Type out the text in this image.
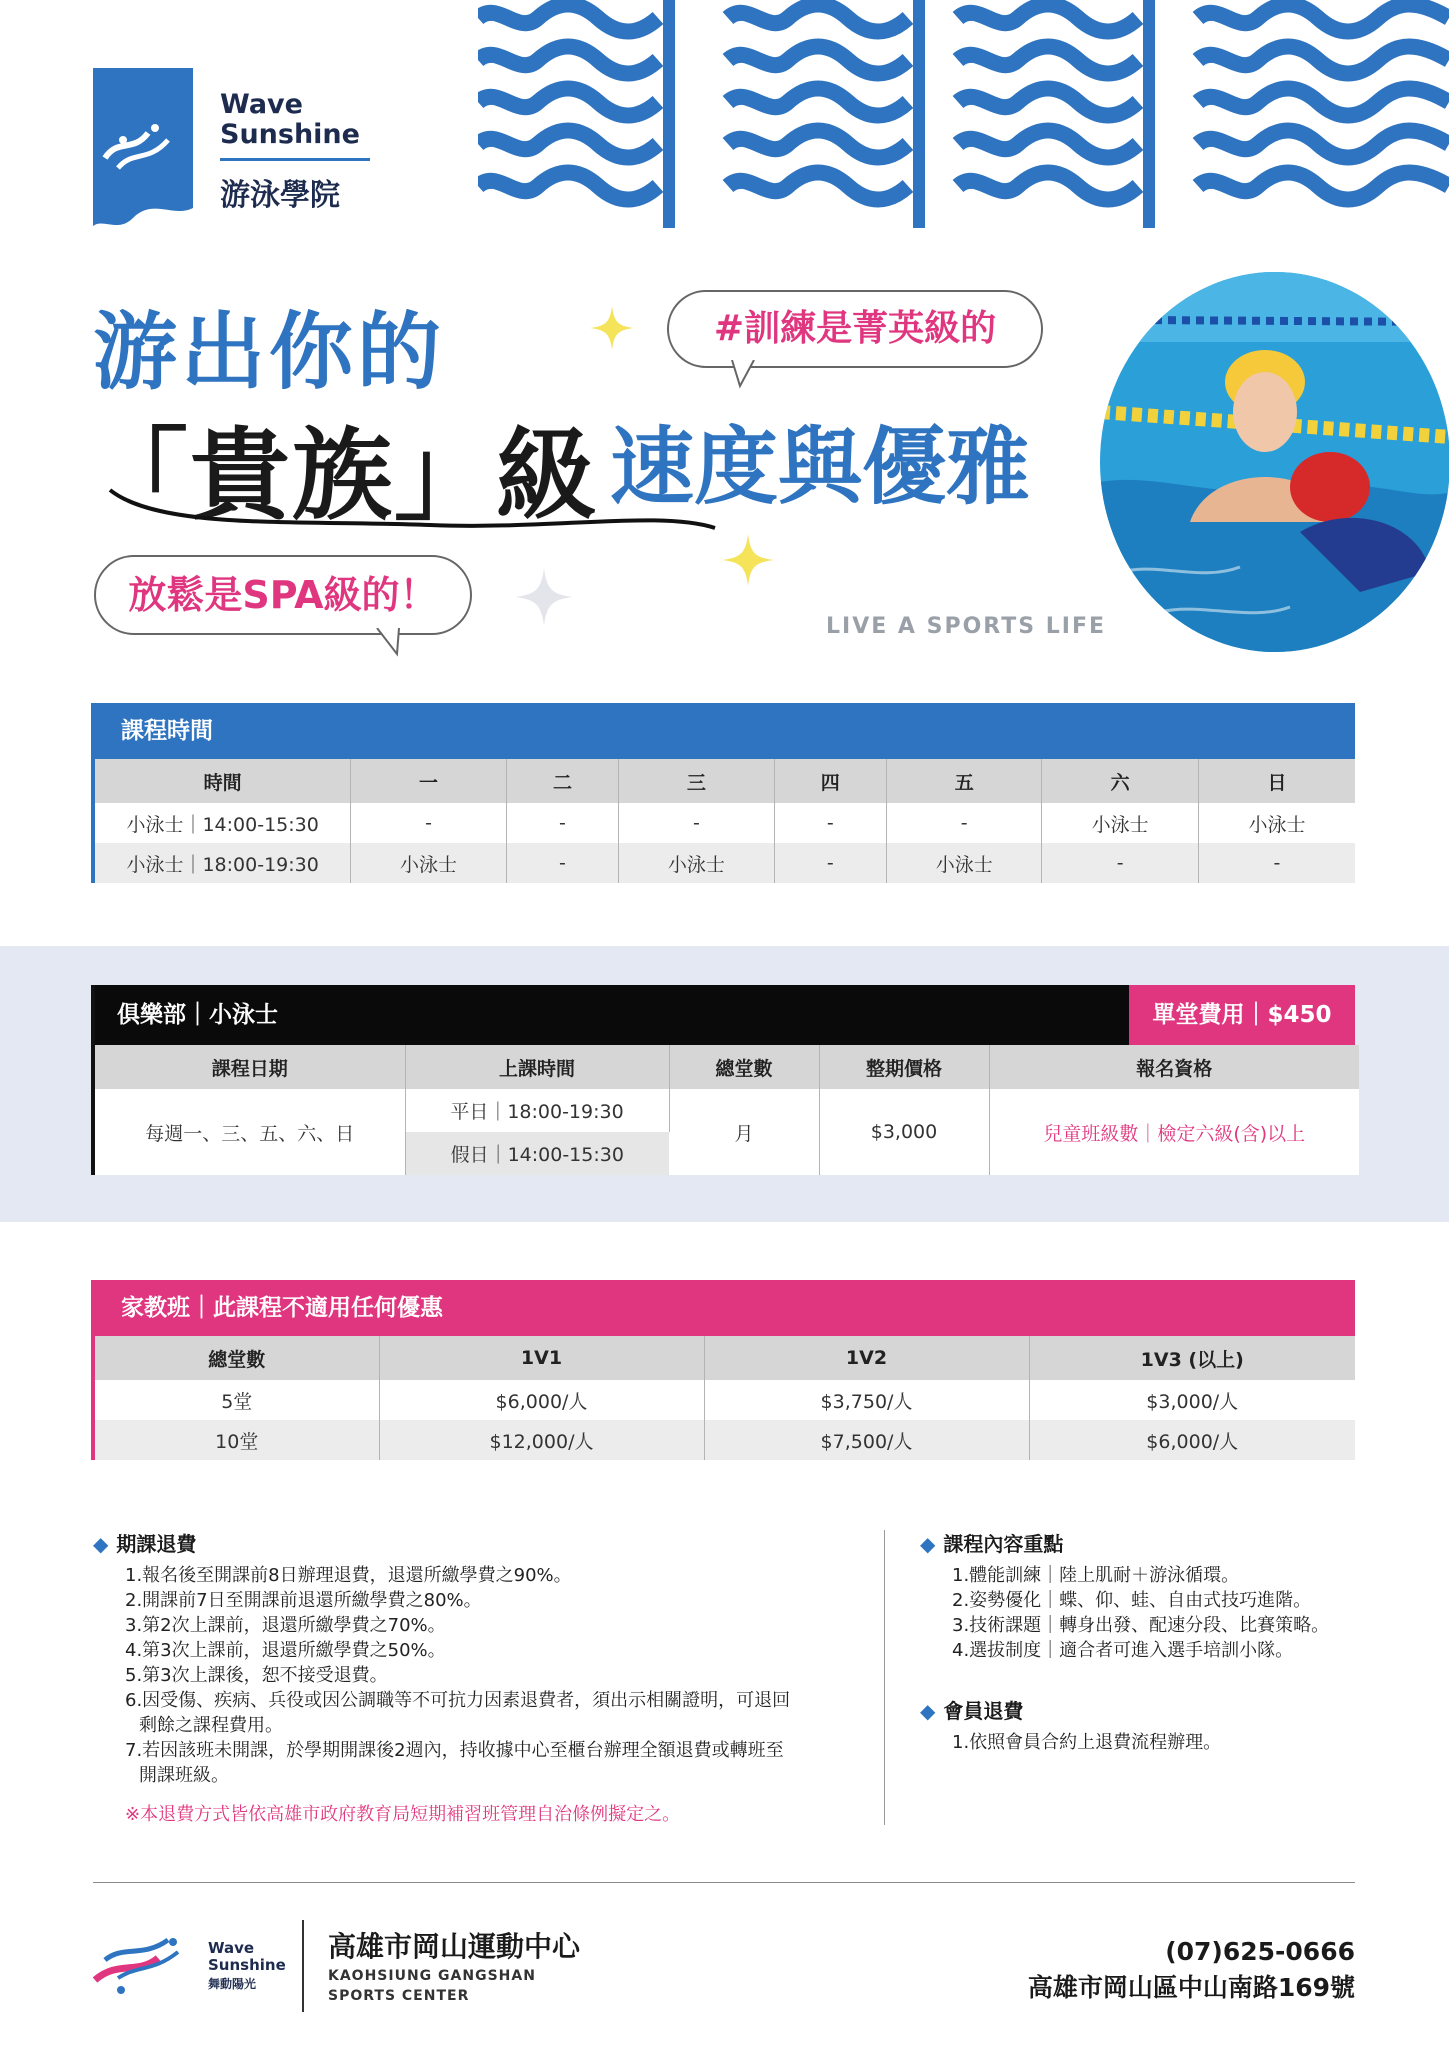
Wave Sunshine
游泳學院
游出你的
「貴族」級 速度與優雅
#訓練是菁英級的
放鬆是SPA級的！
LIVE A SPORTS LIFE
課程時間
時間	一	二	三	四	五	六	日
小泳士｜14:00-15:30	-	-	-	-	-	小泳士	小泳士
小泳士｜18:00-19:30	小泳士	-	小泳士	-	小泳士	-	-
俱樂部｜小泳士	單堂費用｜$450
課程日期	上課時間	總堂數	整期價格	報名資格
每週一、三、五、六、日	平日｜18:00-19:30	月	$3,000	兒童班級數｜檢定六級(含)以上
	假日｜14:00-15:30			
家教班｜此課程不適用任何優惠
總堂數	1V1	1V2	1V3 (以上)
5堂	$6,000/人	$3,750/人	$3,000/人
10堂	$12,000/人	$7,500/人	$6,000/人
◆ 期課退費
1.報名後至開課前8日辦理退費，退還所繳學費之90%。
2.開課前7日至開課前退還所繳學費之80%。
3.第2次上課前，退還所繳學費之70%。
4.第3次上課前，退還所繳學費之50%。
5.第3次上課後，恕不接受退費。
6.因受傷、疾病、兵役或因公調職等不可抗力因素退費者，須出示相關證明，可退回
剩餘之課程費用。
7.若因該班未開課，於學期開課後2週內，持收據中心至櫃台辦理全額退費或轉班至
開課班級。
※本退費方式皆依高雄市政府教育局短期補習班管理自治條例擬定之。
◆ 課程內容重點
1.體能訓練｜陸上肌耐＋游泳循環。
2.姿勢優化｜蝶、仰、蛙、自由式技巧進階。
3.技術課題｜轉身出發、配速分段、比賽策略。
4.選拔制度｜適合者可進入選手培訓小隊。
◆ 會員退費
1.依照會員合約上退費流程辦理。
Wave Sunshine
舞動陽光
高雄市岡山運動中心
KAOHSIUNG GANGSHAN
SPORTS CENTER
(07)625-0666
高雄市岡山區中山南路169號
